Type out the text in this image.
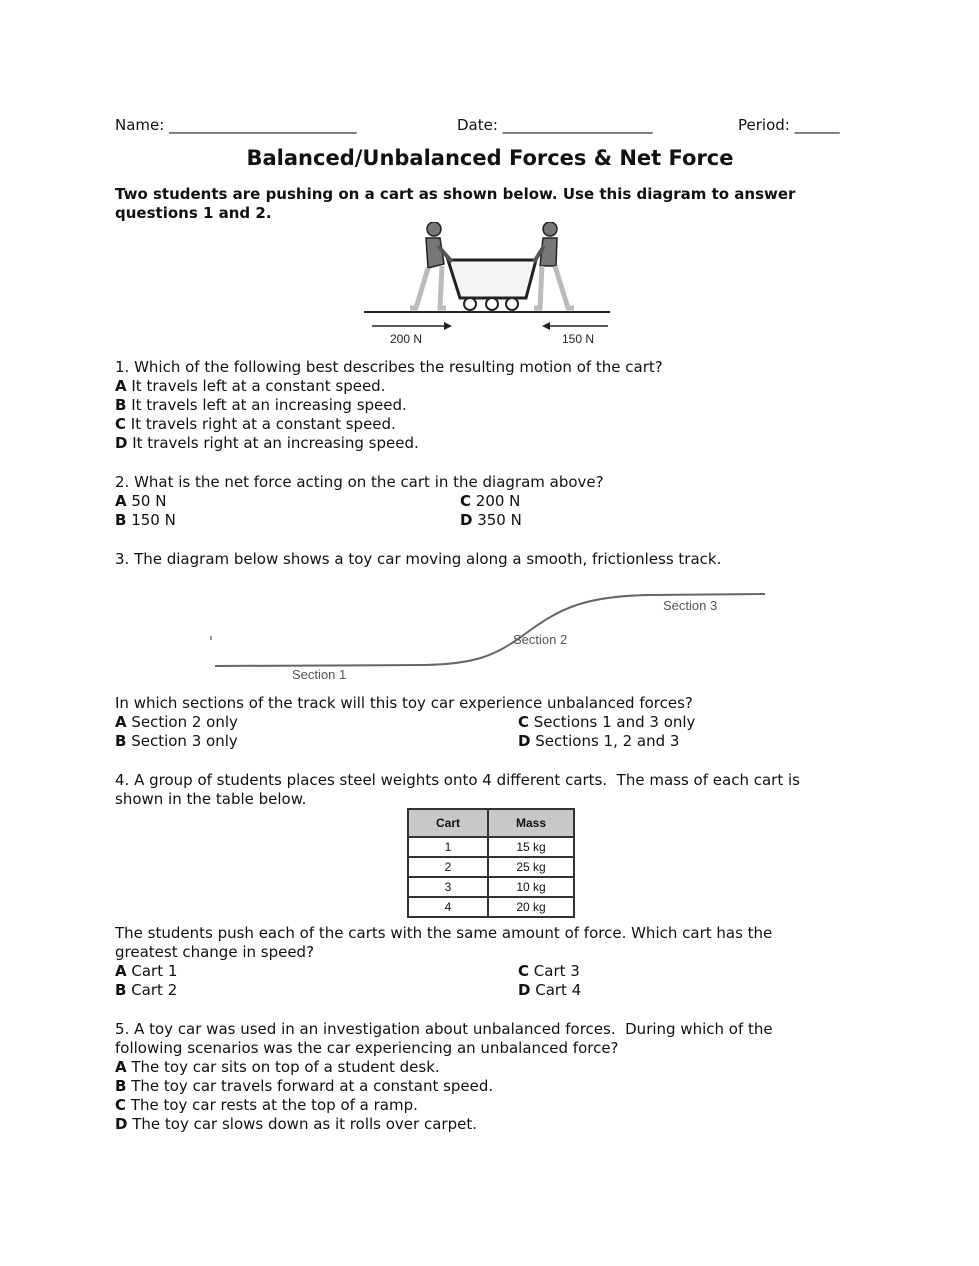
Name: _________________________

	Date: ____________________

	Period: ______

Balanced/Unbalanced Forces & Net Force
Two students are pushing on a cart as shown below. Use this diagram to answer questions 1 and 2.
200 N	150 N
1. Which of the following best describes the resulting motion of the cart?
A It travels left at a constant speed.
B It travels left at an increasing speed.
C It travels right at a constant speed.
D It travels right at an increasing speed.
2. What is the net force acting on the cart in the diagram above?
A 50 N
B 150 N
C 200 N
D 350 N
3. The diagram below shows a toy car moving along a smooth, frictionless track.
Section 1
Section 2
Section 3
In which sections of the track will this toy car experience unbalanced forces?
A Section 2 only
B Section 3 only
C Sections 1 and 3 only
D Sections 1, 2 and 3
4. A group of students places steel weights onto 4 different carts.  The mass of each cart is
shown in the table below.
Cart	Mass
1	15 kg
2	25 kg
3	10 kg
4	20 kg
The students push each of the carts with the same amount of force. Which cart has the
greatest change in speed?
A Cart 1
B Cart 2
C Cart 3
D Cart 4
5. A toy car was used in an investigation about unbalanced forces.  During which of the
following scenarios was the car experiencing an unbalanced force?
A The toy car sits on top of a student desk.
B The toy car travels forward at a constant speed.
C The toy car rests at the top of a ramp.
D The toy car slows down as it rolls over carpet.
